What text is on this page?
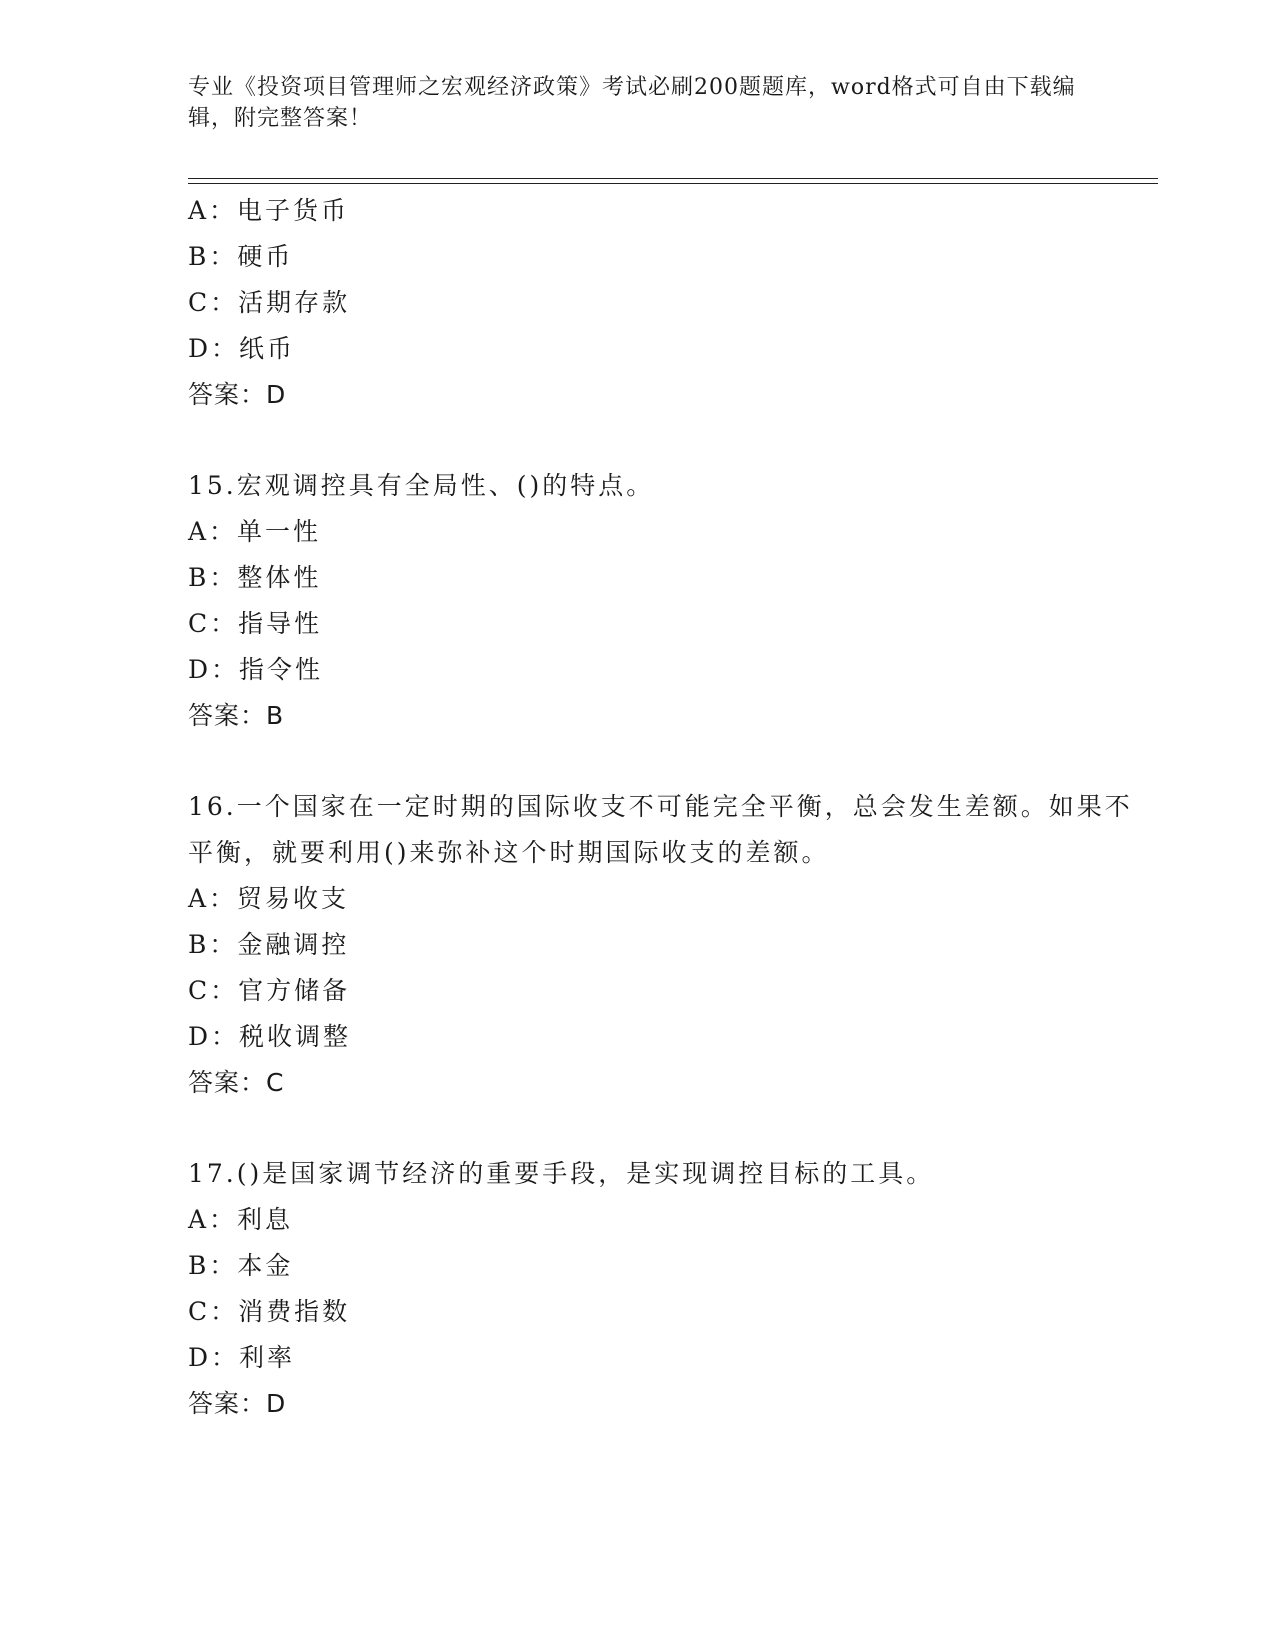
专业《投资项目管理师之宏观经济政策》考试必刷200题题库，word格式可自由下载编辑，附完整答案！
A：电子货币
B：硬币
C：活期存款
D：纸币
答案：D
15.宏观调控具有全局性、()的特点。
A：单一性
B：整体性
C：指导性
D：指令性
答案：B
16.一个国家在一定时期的国际收支不可能完全平衡，总会发生差额。如果不平衡，就要利用()来弥补这个时期国际收支的差额。
A：贸易收支
B：金融调控
C：官方储备
D：税收调整
答案：C
17.()是国家调节经济的重要手段，是实现调控目标的工具。
A：利息
B：本金
C：消费指数
D：利率
答案：D
